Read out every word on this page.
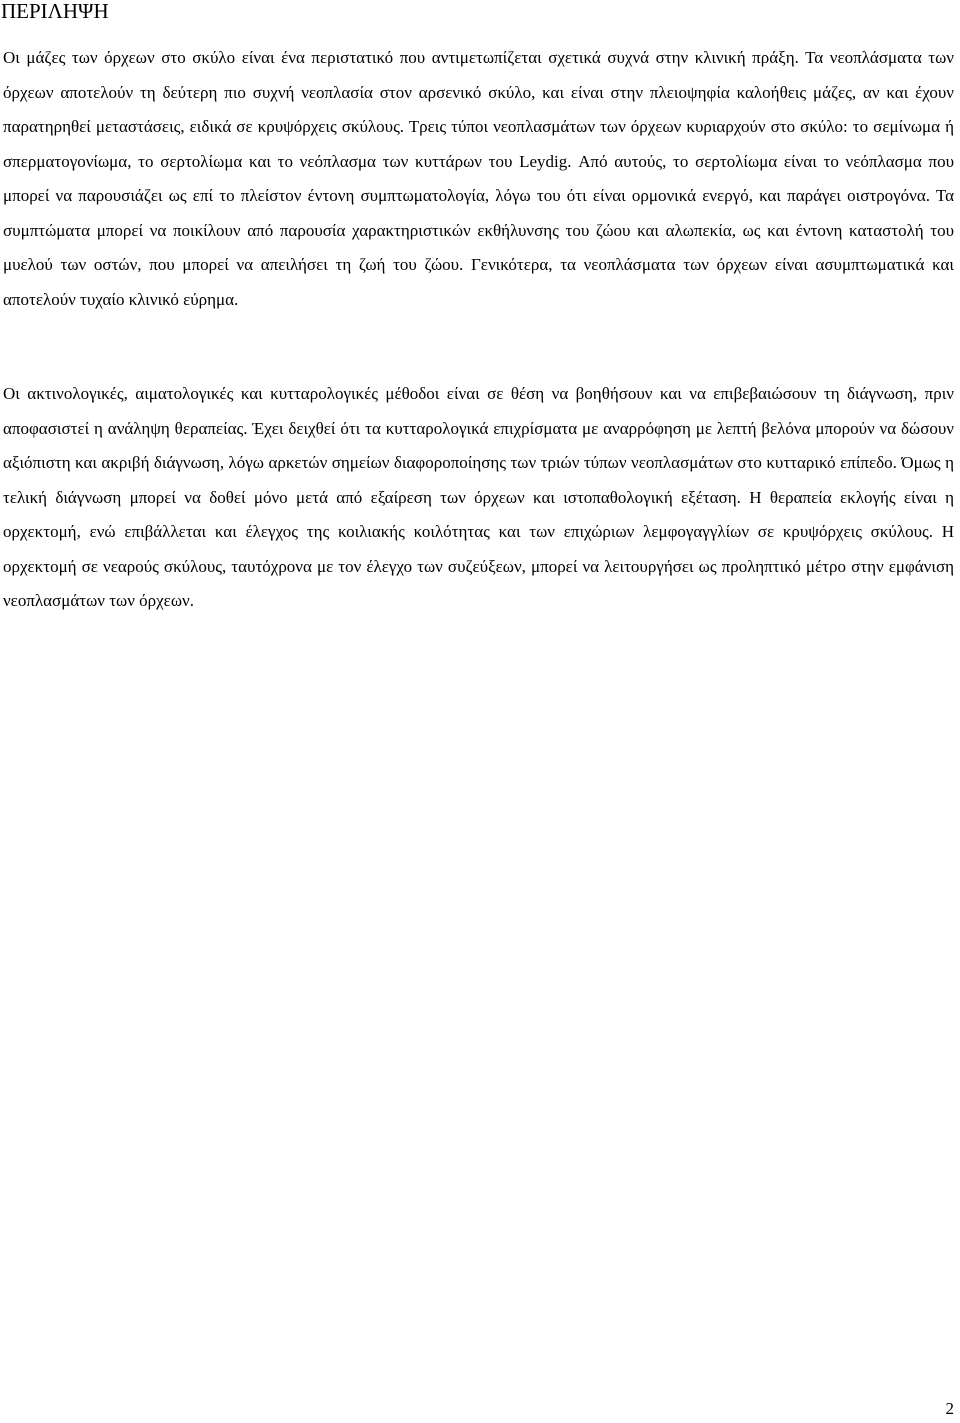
ΠΕΡΙΛΗΨΗ

Οι μάζες των όρχεων στο σκύλο είναι ένα περιστατικό που αντιμετωπίζεται σχετικά συχνά στην κλινική πράξη. Τα νεοπλάσματα των όρχεων αποτελούν τη δεύτερη πιο συχνή νεοπλασία στον αρσενικό σκύλο, και είναι στην πλειοψηφία καλοήθεις μάζες, αν και έχουν παρατηρηθεί μεταστάσεις, ειδικά σε κρυψόρχεις σκύλους. Τρεις τύποι νεοπλασμάτων των όρχεων κυριαρχούν στο σκύλο: το σεμίνωμα ή σπερματογονίωμα, το σερτολίωμα και το νεόπλασμα των κυττάρων του Leydig. Από αυτούς, το σερτολίωμα είναι το νεόπλασμα που μπορεί να παρουσιάζει ως επί το πλείστον έντονη συμπτωματολογία, λόγω του ότι είναι ορμονικά ενεργό, και παράγει οιστρογόνα. Τα συμπτώματα μπορεί να ποικίλουν από παρουσία χαρακτηριστικών εκθήλυνσης του ζώου και αλωπεκία, ως και έντονη καταστολή του μυελού των οστών, που μπορεί να απειλήσει τη ζωή του ζώου. Γενικότερα, τα νεοπλάσματα των όρχεων είναι ασυμπτωματικά και αποτελούν τυχαίο κλινικό εύρημα.

Οι ακτινολογικές, αιματολογικές και κυτταρολογικές μέθοδοι είναι σε θέση να βοηθήσουν και να επιβεβαιώσουν τη διάγνωση, πριν αποφασιστεί η ανάληψη θεραπείας. Έχει δειχθεί ότι τα κυτταρολογικά επιχρίσματα με αναρρόφηση με λεπτή βελόνα μπορούν να δώσουν αξιόπιστη και ακριβή διάγνωση, λόγω αρκετών σημείων διαφοροποίησης των τριών τύπων νεοπλασμάτων στο κυτταρικό επίπεδο. Όμως η τελική διάγνωση μπορεί να δοθεί μόνο μετά από εξαίρεση των όρχεων και ιστοπαθολογική εξέταση. Η θεραπεία εκλογής είναι η ορχεκτομή, ενώ επιβάλλεται και έλεγχος της κοιλιακής κοιλότητας και των επιχώριων λεμφογαγγλίων σε κρυψόρχεις σκύλους. Η ορχεκτομή σε νεαρούς σκύλους, ταυτόχρονα με τον έλεγχο των συζεύξεων, μπορεί να λειτουργήσει ως προληπτικό μέτρο στην εμφάνιση νεοπλασμάτων των όρχεων.

2
